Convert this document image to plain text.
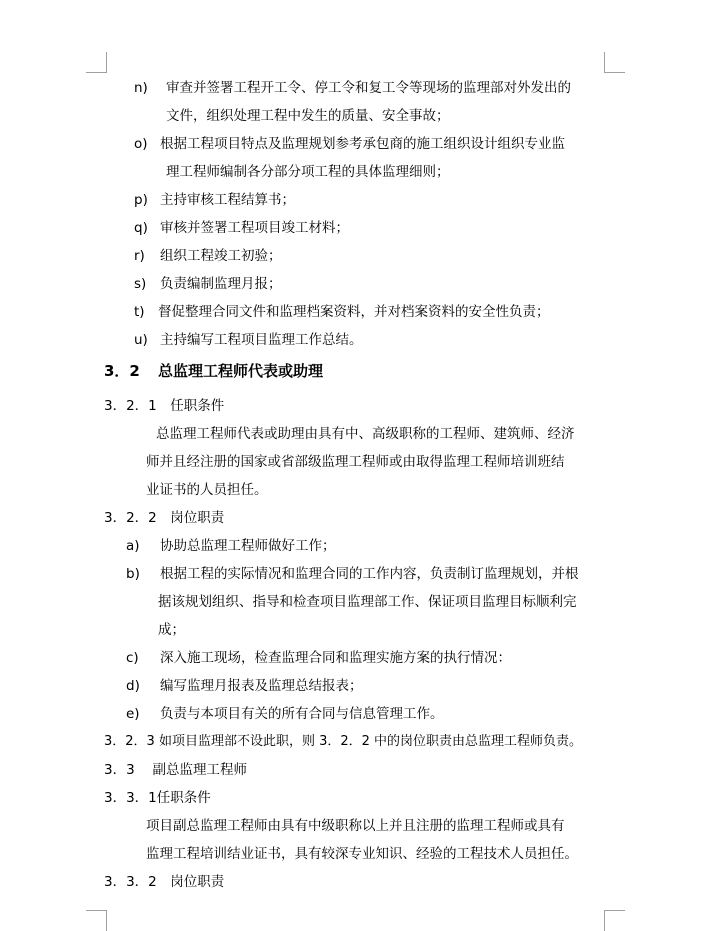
n) 审查并签署工程开工令、停工令和复工令等现场的监理部对外发出的
文件，组织处理工程中发生的质量、安全事故；
o) 根据工程项目特点及监理规划参考承包商的施工组织设计组织专业监
理工程师编制各分部分项工程的具体监理细则；
p) 主持审核工程结算书；
q) 审核并签署工程项目竣工材料；
r) 组织工程竣工初验；
s) 负责编制监理月报；
t) 督促整理合同文件和监理档案资料，并对档案资料的安全性负责；
u) 主持编写工程项目监理工作总结。
3．2 总监理工程师代表或助理
3．2．1　任职条件
总监理工程师代表或助理由具有中、高级职称的工程师、建筑师、经济
师并且经注册的国家或省部级监理工程师或由取得监理工程师培训班结
业证书的人员担任。
3．2．2　岗位职责
a) 协助总监理工程师做好工作；
b) 根据工程的实际情况和监理合同的工作内容，负责制订监理规划，并根
据该规划组织、指导和检查项目监理部工作、保证项目监理目标顺利完
成；
c) 深入施工现场，检查监理合同和监理实施方案的执行情况：
d) 编写监理月报表及监理总结报表；
e) 负责与本项目有关的所有合同与信息管理工作。
3．2．3 如项目监理部不设此职，则 3．2．2 中的岗位职责由总监理工程师负责。
3．3　 副总监理工程师
3．3．1任职条件
项目副总监理工程师由具有中级职称以上并且注册的监理工程师或具有
监理工程培训结业证书，具有较深专业知识、经验的工程技术人员担任。
3．3．2　岗位职责
